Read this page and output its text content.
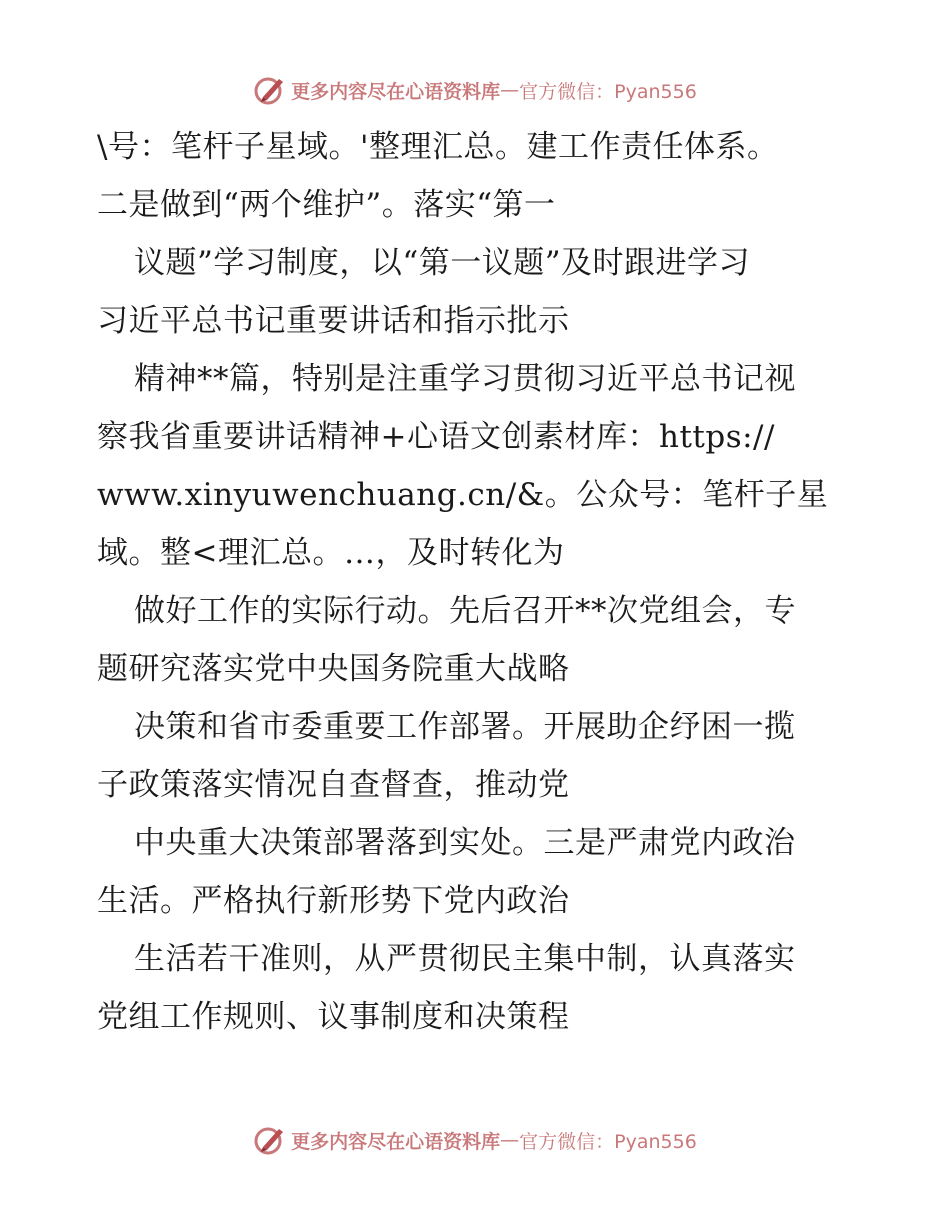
更多内容尽在心语资料库 — 官方微信：Pyan556
\号：笔杆子星域。'整理汇总。建工作责任体系。
二是做到“两个维护”。落实“第一
议题”学习制度，以“第一议题”及时跟进学习
习近平总书记重要讲话和指示批示
精神**篇，特别是注重学习贯彻习近平总书记视
察我省重要讲话精神+心语文创素材库：https://
www.xinyuwenchuang.cn/&。公众号：笔杆子星
域。整<理汇总。…，及时转化为
做好工作的实际行动。先后召开**次党组会，专
题研究落实党中央国务院重大战略
决策和省市委重要工作部署。开展助企纾困一揽
子政策落实情况自查督查，推动党
中央重大决策部署落到实处。三是严肃党内政治
生活。严格执行新形势下党内政治
生活若干准则，从严贯彻民主集中制，认真落实
党组工作规则、议事制度和决策程
更多内容尽在心语资料库 — 官方微信：Pyan556
